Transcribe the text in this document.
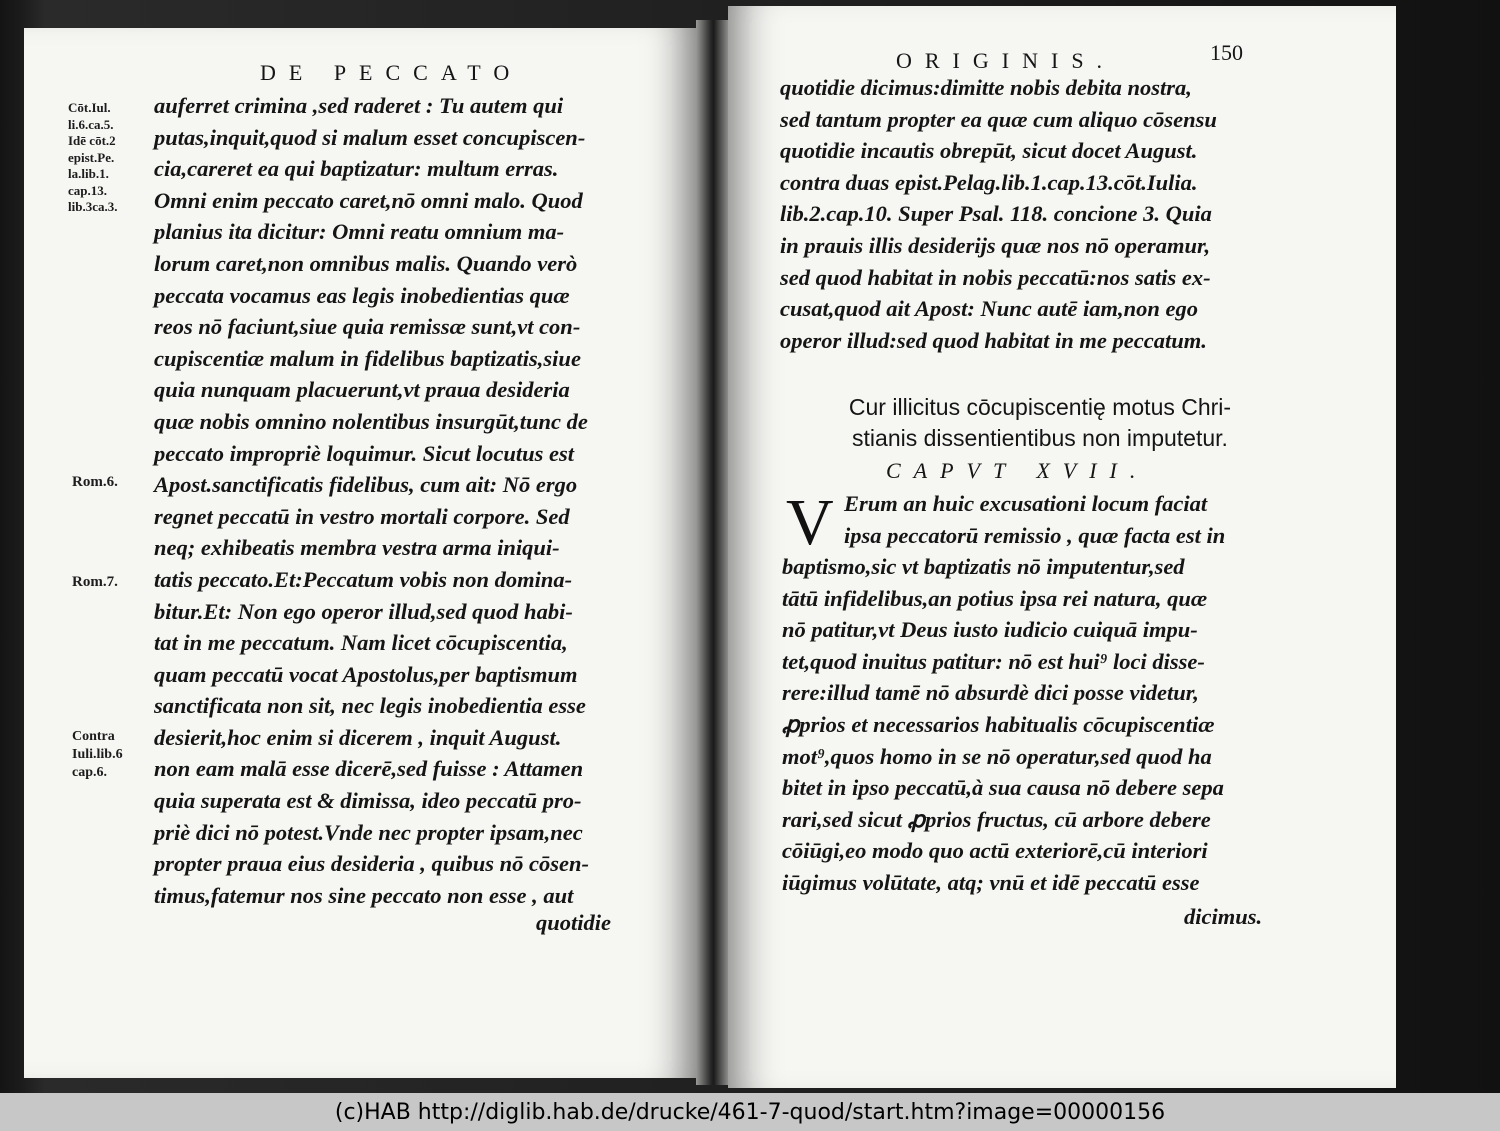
DE PECCATO
Cōt.Iul.
li.6.ca.5.
Idē cōt.2
epist.Pe.
la.lib.1.
cap.13.
lib.3ca.3.
Rom.6.
Rom.7.
Contra
Iuli.lib.6
cap.6.
auferret crimina ,sed raderet : Tu autem qui
putas,inquit,quod si malum esset concupiscen-
cia,careret ea qui baptizatur: multum erras.
Omni enim peccato caret,nō omni malo. Quod
planius ita dicitur: Omni reatu omnium ma-
lorum caret,non omnibus malis. Quando verò
peccata vocamus eas legis inobedientias quæ
reos nō faciunt,siue quia remissæ sunt,vt con-
cupiscentiæ malum in fidelibus baptizatis,siue
quia nunquam placuerunt,vt praua desideria
quæ nobis omnino nolentibus insurgūt,tunc de
peccato impropriè loquimur. Sicut locutus est
Apost.sanctificatis fidelibus, cum ait: Nō ergo
regnet peccatū in vestro mortali corpore. Sed
neq; exhibeatis membra vestra arma iniqui-
tatis peccato.Et:Peccatum vobis non domina-
bitur.Et: Non ego operor illud,sed quod habi-
tat in me peccatum. Nam licet cōcupiscentia,
quam peccatū vocat Apostolus,per baptismum
sanctificata non sit, nec legis inobedientia esse
desierit,hoc enim si dicerem , inquit August.
non eam malā esse dicerē,sed fuisse : Attamen
quia superata est & dimissa, ideo peccatū pro-
priè dici nō potest.Vnde nec propter ipsam,nec
propter praua eius desideria , quibus nō cōsen-
timus,fatemur nos sine peccato non esse , aut
quotidie
ORIGINIS.	150
quotidie dicimus:dimitte nobis debita nostra,
sed tantum propter ea quæ cum aliquo cōsensu
quotidie incautis obrepūt, sicut docet August.
contra duas epist.Pelag.lib.1.cap.13.cōt.Iulia.
lib.2.cap.10. Super Psal. 118. concione 3. Quia
in prauis illis desiderijs quæ nos nō operamur,
sed quod habitat in nobis peccatū:nos satis ex-
cusat,quod ait Apost: Nunc autē iam,non ego
operor illud:sed quod habitat in me peccatum.
Cur illicitus cōcupiscentię motus Chri-
stianis dissentientibus non imputetur.
CAPVT XVII.
V Erum an huic excusationi locum faciat
ipsa peccatorū remissio , quæ facta est in
baptismo,sic vt baptizatis nō imputentur,sed
tātū infidelibus,an potius ipsa rei natura, quæ
nō patitur,vt Deus iusto iudicio cuiquā impu-
tet,quod inuitus patitur: nō est hui⁹ loci disse-
rere:illud tamē nō absurdè dici posse videtur,
ꝓprios et necessarios habitualis cōcupiscentiæ
mot⁹,quos homo in se nō operatur,sed quod ha
bitet in ipso peccatū,à sua causa nō debere sepa
rari,sed sicut ꝓprios fructus, cū arbore debere
cōiūgi,eo modo quo actū exteriorē,cū interiori
iūgimus volūtate, atq; vnū et idē peccatū esse
dicimus.
(c)HAB http://diglib.hab.de/drucke/461-7-quod/start.htm?image=00000156
